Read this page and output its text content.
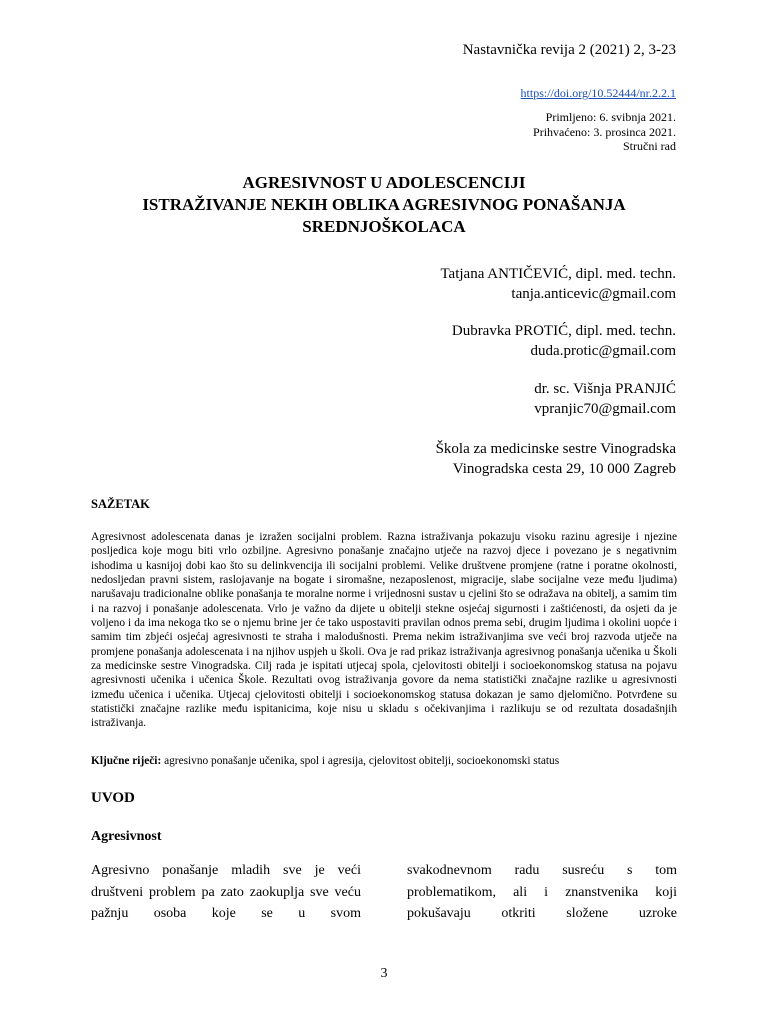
Nastavnička revija 2 (2021) 2, 3-23
https://doi.org/10.52444/nr.2.2.1
Primljeno: 6. svibnja 2021.
Prihvaćeno: 3. prosinca 2021.
Stručni rad
AGRESIVNOST U ADOLESCENCIJI
ISTRAŽIVANJE NEKIH OBLIKA AGRESIVNOG PONAŠANJA
SREDNJOŠKOLACA
Tatjana ANTIČEVIĆ, dipl. med. techn.
tanja.anticevic@gmail.com
Dubravka PROTIĆ, dipl. med. techn.
duda.protic@gmail.com
dr. sc. Višnja PRANJIĆ
vpranjic70@gmail.com
Škola za medicinske sestre Vinogradska
Vinogradska cesta 29, 10 000 Zagreb
SAŽETAK

Agresivnost adolescenata danas je izražen socijalni problem. Razna istraživanja pokazuju visoku razinu agresije i njezine posljedica koje mogu biti vrlo ozbiljne. Agresivno ponašanje značajno utječe na razvoj djece i povezano je s negativnim ishodima u kasnijoj dobi kao što su delinkvencija ili socijalni problemi. Velike društvene promjene (ratne i poratne okolnosti, nedosljedan pravni sistem, raslojavanje na bogate i siromašne, nezaposlenost, migracije, slabe socijalne veze među ljudima) narušavaju tradicionalne oblike ponašanja te moralne norme i vrijednosni sustav u cjelini što se odražava na obitelj, a samim tim i na razvoj i ponašanje adolescenata. Vrlo je važno da dijete u obitelji stekne osjećaj sigurnosti i zaštićenosti, da osjeti da je voljeno i da ima nekoga tko se o njemu brine jer će tako uspostaviti pravilan odnos prema sebi, drugim ljudima i okolini uopće i samim tim zbjeći osjećaj agresivnosti te straha i malodušnosti. Prema nekim istraživanjima sve veći broj razvoda utječe na promjene ponašanja adolescenata i na njihov uspjeh u školi. Ova je rad prikaz istraživanja agresivnog ponašanja učenika u Školi za medicinske sestre Vinogradska. Cilj rada je ispitati utjecaj spola, cjelovitosti obitelji i socioekonomskog statusa na pojavu agresivnosti učenika i učenica Škole. Rezultati ovog istraživanja govore da nema statistički značajne razlike u agresivnosti između učenica i učenika. Utjecaj cjelovitosti obitelji i socioekonomskog statusa dokazan je samo djelomično. Potvrđene su statistički značajne razlike među ispitanicima, koje nisu u skladu s očekivanjima i razlikuju se od rezultata dosadašnjih istraživanja.

Ključne riječi: agresivno ponašanje učenika, spol i agresija, cjelovitost obitelji, socioekonomski status
UVOD
Agresivnost

Agresivno ponašanje mladih sve je veći društveni problem pa zato zaokuplja sve veću pažnju osoba koje se u svom

svakodnevnom radu susreću s tom problematikom, ali i znanstvenika koji pokušavaju otkriti složene uzroke

3
